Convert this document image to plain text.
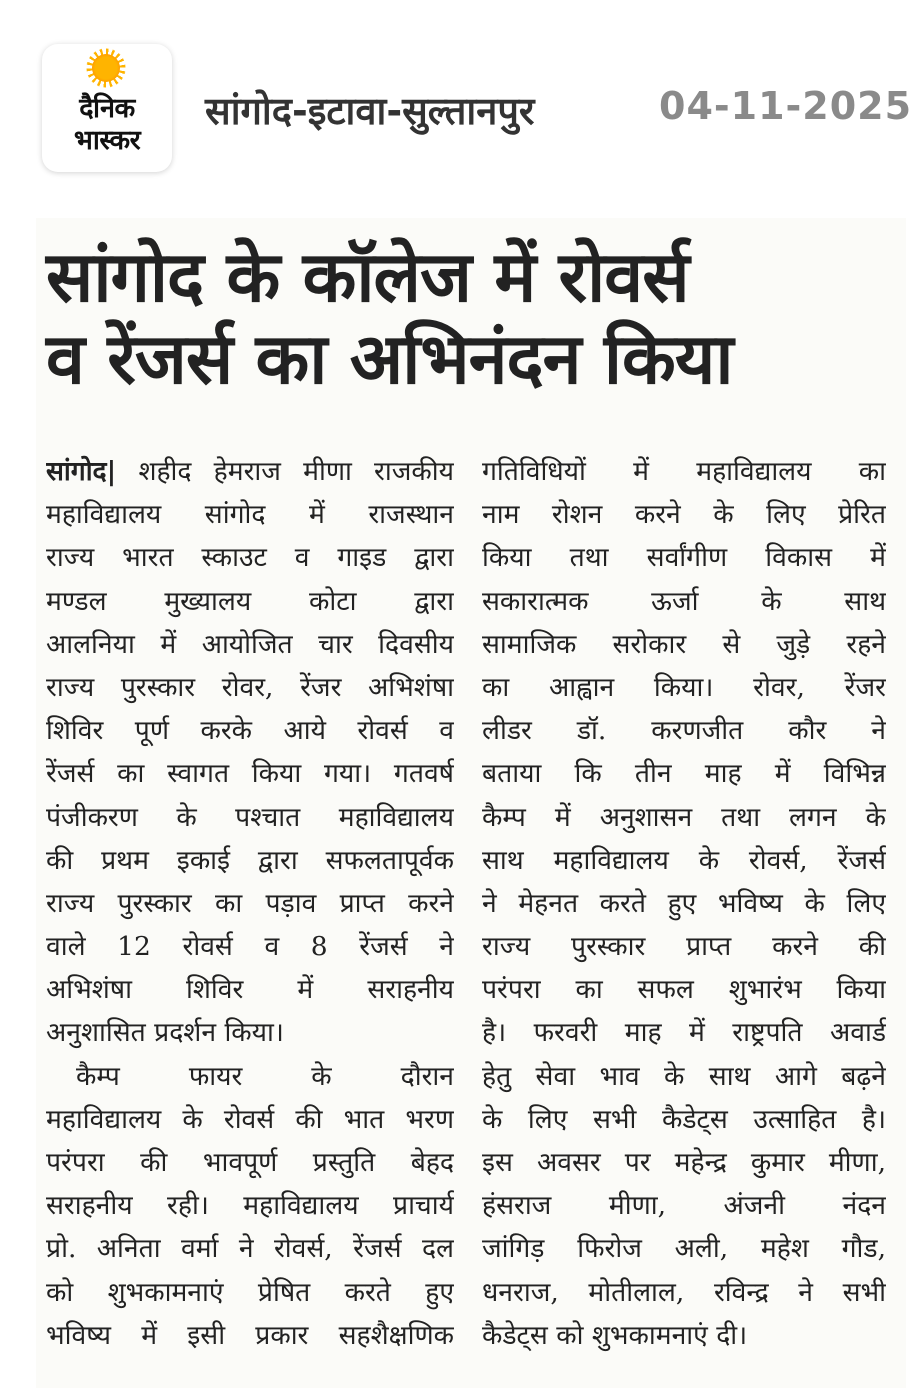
दैनिक
भास्कर
सांगोद-इटावा-सुल्तानपुर	04-11-2025
सांगोद के कॉलेज में रोवर्स
व रेंजर्स का अभिनंदन किया
सांगोद| शहीद हेमराज मीणा राजकीय
महाविद्यालय सांगोद में राजस्थान
राज्य भारत स्काउट व गाइड द्वारा
मण्डल मुख्यालय कोटा द्वारा
आलनिया में आयोजित चार दिवसीय
राज्य पुरस्कार रोवर, रेंजर अभिशंषा
शिविर पूर्ण करके आये रोवर्स व
रेंजर्स का स्वागत किया गया। गतवर्ष
पंजीकरण के पश्चात महाविद्यालय
की प्रथम इकाई द्वारा सफलतापूर्वक
राज्य पुरस्कार का पड़ाव प्राप्त करने
वाले 12 रोवर्स व 8 रेंजर्स ने
अभिशंषा शिविर में सराहनीय
अनुशासित प्रदर्शन किया।
कैम्प फायर के दौरान
महाविद्यालय के रोवर्स की भात भरण
परंपरा की भावपूर्ण प्रस्तुति बेहद
सराहनीय रही। महाविद्यालय प्राचार्य
प्रो. अनिता वर्मा ने रोवर्स, रेंजर्स दल
को शुभकामनाएं प्रेषित करते हुए
भविष्य में इसी प्रकार सहशैक्षणिक
गतिविधियों में महाविद्यालय का
नाम रोशन करने के लिए प्रेरित
किया तथा सर्वांगीण विकास में
सकारात्मक ऊर्जा के साथ
सामाजिक सरोकार से जुड़े रहने
का आह्वान किया। रोवर, रेंजर
लीडर डॉ. करणजीत कौर ने
बताया कि तीन माह में विभिन्न
कैम्प में अनुशासन तथा लगन के
साथ महाविद्यालय के रोवर्स, रेंजर्स
ने मेहनत करते हुए भविष्य के लिए
राज्य पुरस्कार प्राप्त करने की
परंपरा का सफल शुभारंभ किया
है। फरवरी माह में राष्ट्रपति अवार्ड
हेतु सेवा भाव के साथ आगे बढ़ने
के लिए सभी कैडेट्स उत्साहित है।
इस अवसर पर महेन्द्र कुमार मीणा,
हंसराज मीणा, अंजनी नंदन
जांगिड़ फिरोज अली, महेश गौड,
धनराज, मोतीलाल, रविन्द्र ने सभी
कैडेट्स को शुभकामनाएं दी।
